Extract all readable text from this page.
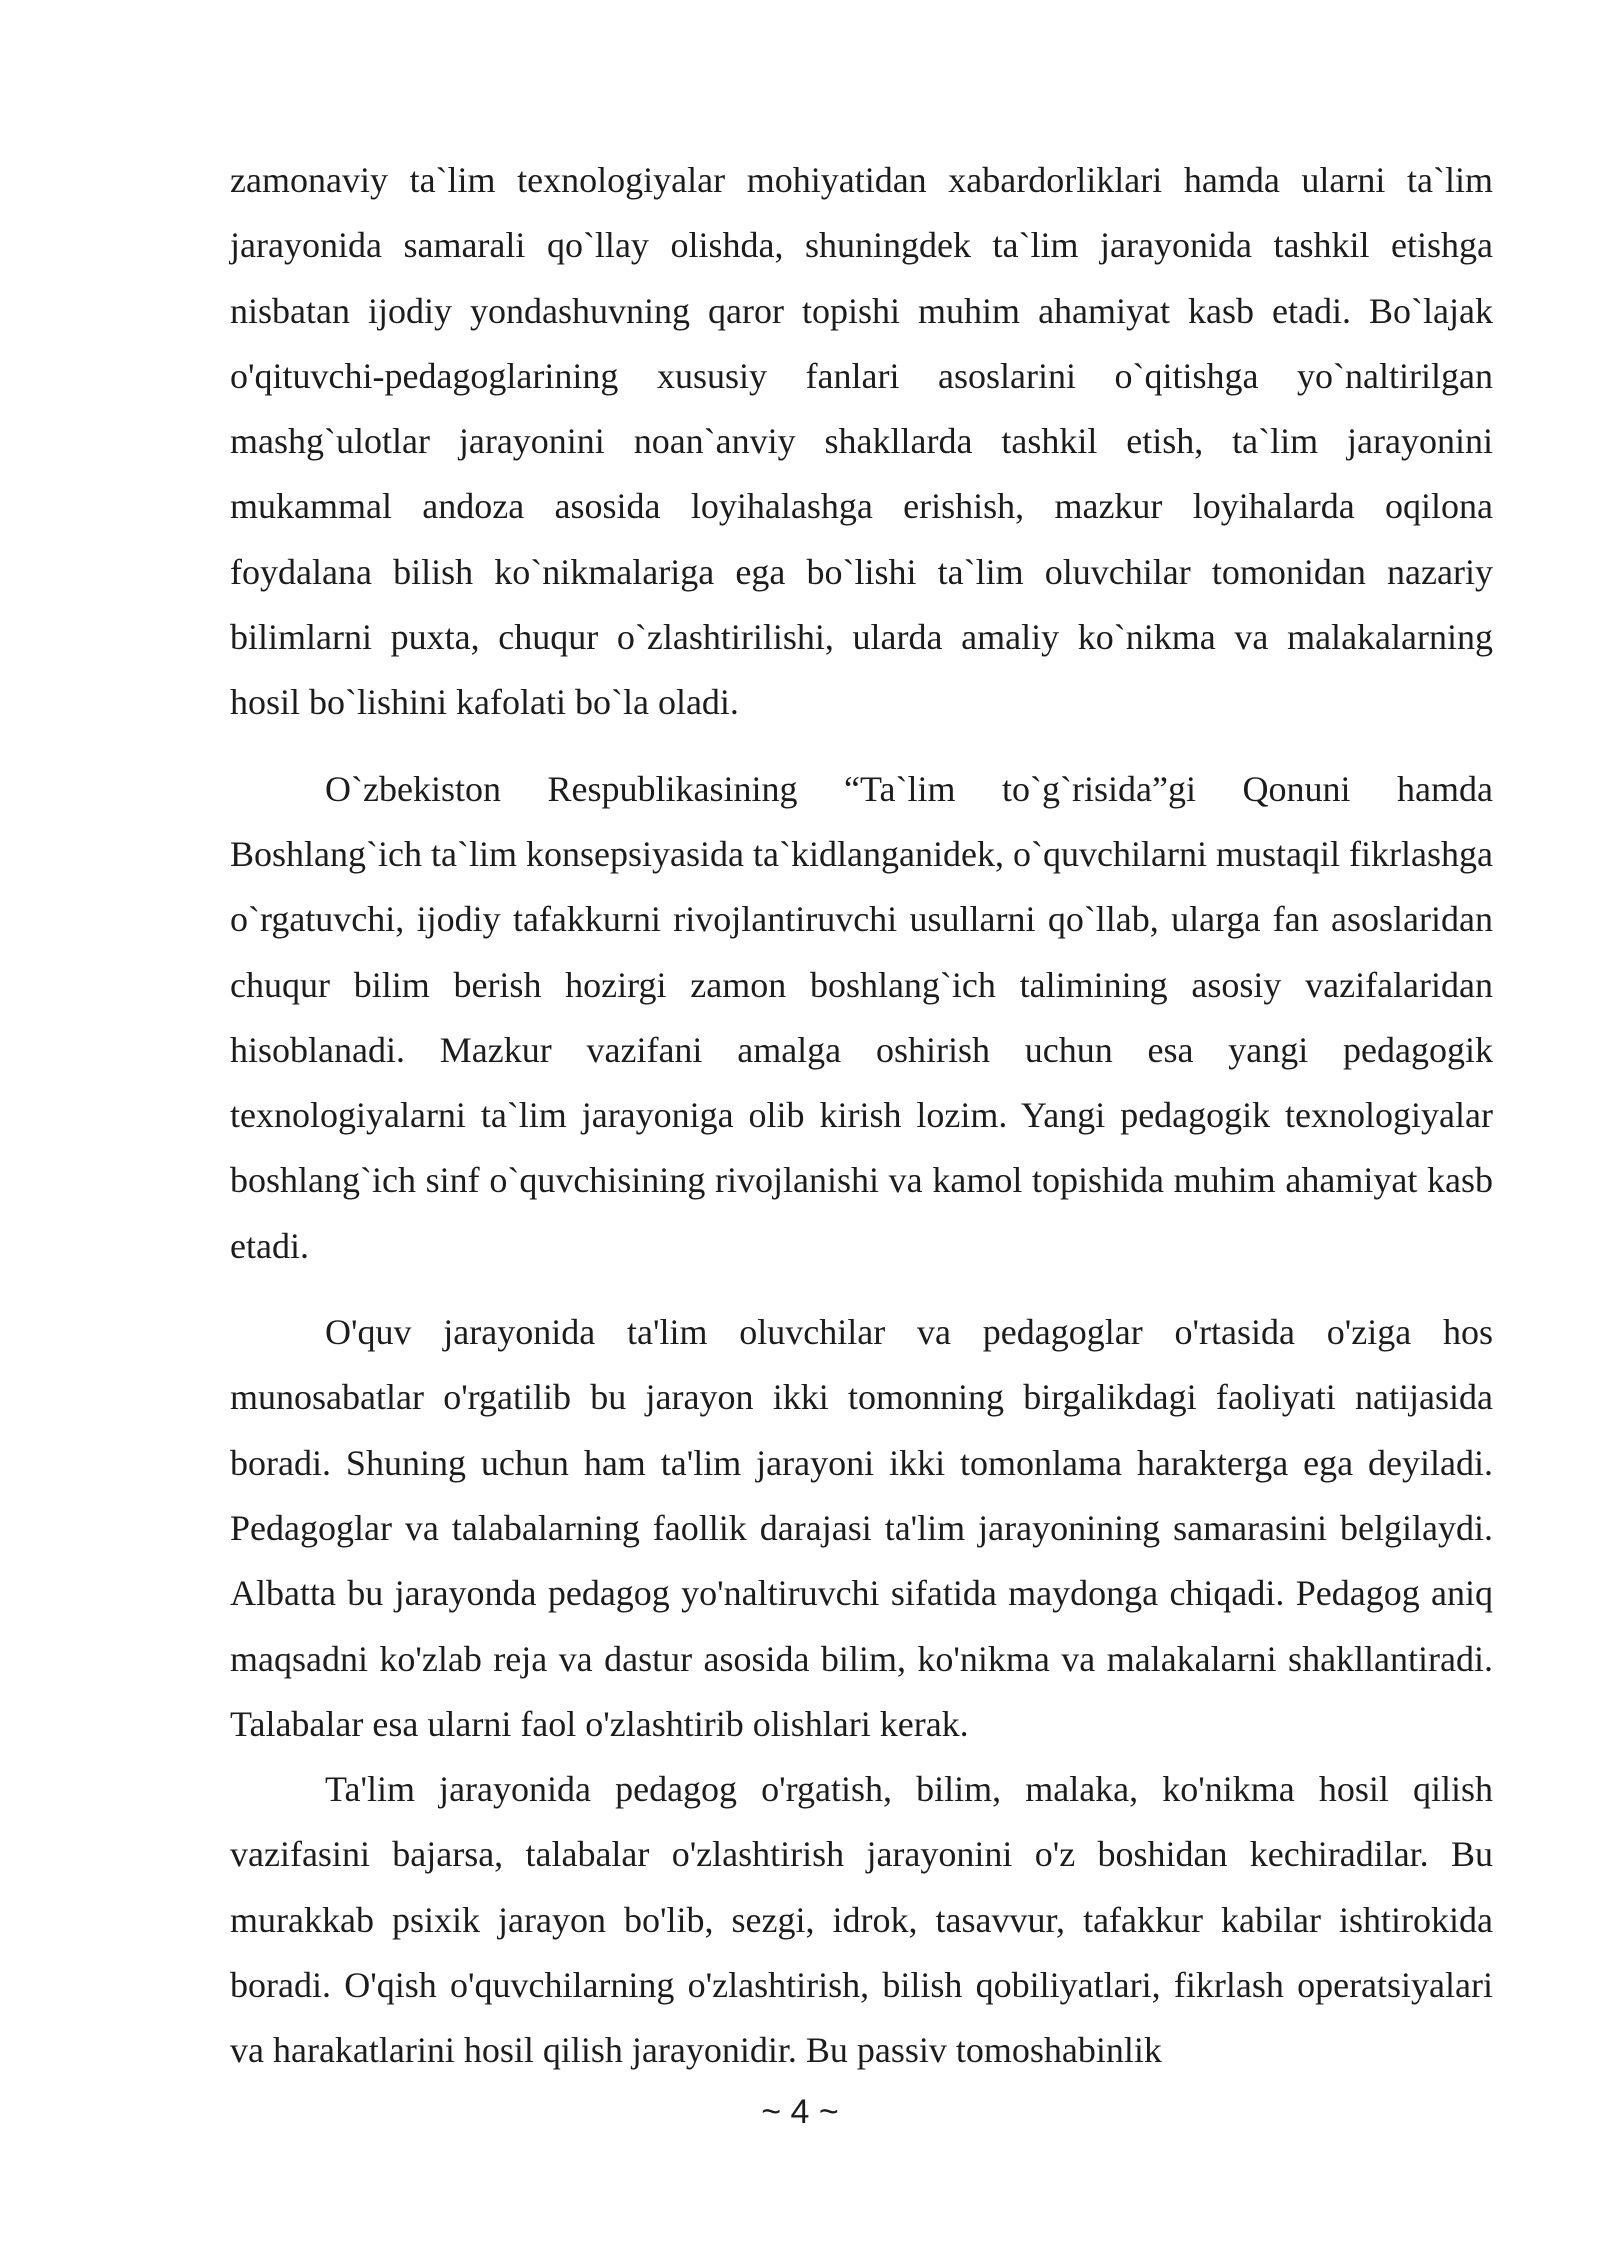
zamonaviy ta`lim texnologiyalar mohiyatidan xabardorliklari hamda ularni ta`lim jarayonida samarali qo`llay olishda, shuningdek ta`lim jarayonida tashkil etishga nisbatan ijodiy yondashuvning qaror topishi muhim ahamiyat kasb etadi. Bo`lajak o'qituvchi-pedagoglarining xususiy fanlari asoslarini o`qitishga yo`naltirilgan mashg`ulotlar jarayonini noan`anviy shakllarda tashkil etish, ta`lim jarayonini mukammal andoza asosida loyihalashga erishish, mazkur loyihalarda oqilona foydalana bilish ko`nikmalariga ega bo`lishi ta`lim oluvchilar tomonidan nazariy bilimlarni puxta, chuqur o`zlashtirilishi, ularda amaliy ko`nikma va malakalarning hosil bo`lishini kafolati bo`la oladi.

O`zbekiston Respublikasining “Ta`lim to`g`risida”gi Qonuni hamda Boshlang`ich ta`lim konsepsiyasida ta`kidlanganidek, o`quvchilarni mustaqil fikrlashga o`rgatuvchi, ijodiy tafakkurni rivojlantiruvchi usullarni qo`llab, ularga fan asoslaridan chuqur bilim berish hozirgi zamon boshlang`ich talimining asosiy vazifalaridan hisoblanadi. Mazkur vazifani amalga oshirish uchun esa yangi pedagogik texnologiyalarni ta`lim jarayoniga olib kirish lozim. Yangi pedagogik texnologiyalar boshlang`ich sinf o`quvchisining rivojlanishi va kamol topishida muhim ahamiyat kasb etadi.

O'quv jarayonida ta'lim oluvchilar va pedagoglar o'rtasida o'ziga hos munosabatlar o'rgatilib bu jarayon ikki tomonning birgalikdagi faoliyati natijasida boradi. Shuning uchun ham ta'lim jarayoni ikki tomonlama harakterga ega deyiladi. Pedagoglar va talabalarning faollik darajasi ta'lim jarayonining samarasini belgilaydi. Albatta bu jarayonda pedagog yo'naltiruvchi sifatida maydonga chiqadi. Pedagog aniq maqsadni ko'zlab reja va dastur asosida bilim, ko'nikma va malakalarni shakllantiradi. Talabalar esa ularni faol o'zlashtirib olishlari kerak.

Ta'lim jarayonida pedagog o'rgatish, bilim, malaka, ko'nikma hosil qilish vazifasini bajarsa, talabalar o'zlashtirish jarayonini o'z boshidan kechiradilar. Bu murakkab psixik jarayon bo'lib, sezgi, idrok, tasavvur, tafakkur kabilar ishtirokida boradi. O'qish o'quvchilarning o'zlashtirish, bilish qobiliyatlari, fikrlash operatsiyalari va harakatlarini hosil qilish jarayonidir. Bu passiv tomoshabinlik

~ 4 ~
